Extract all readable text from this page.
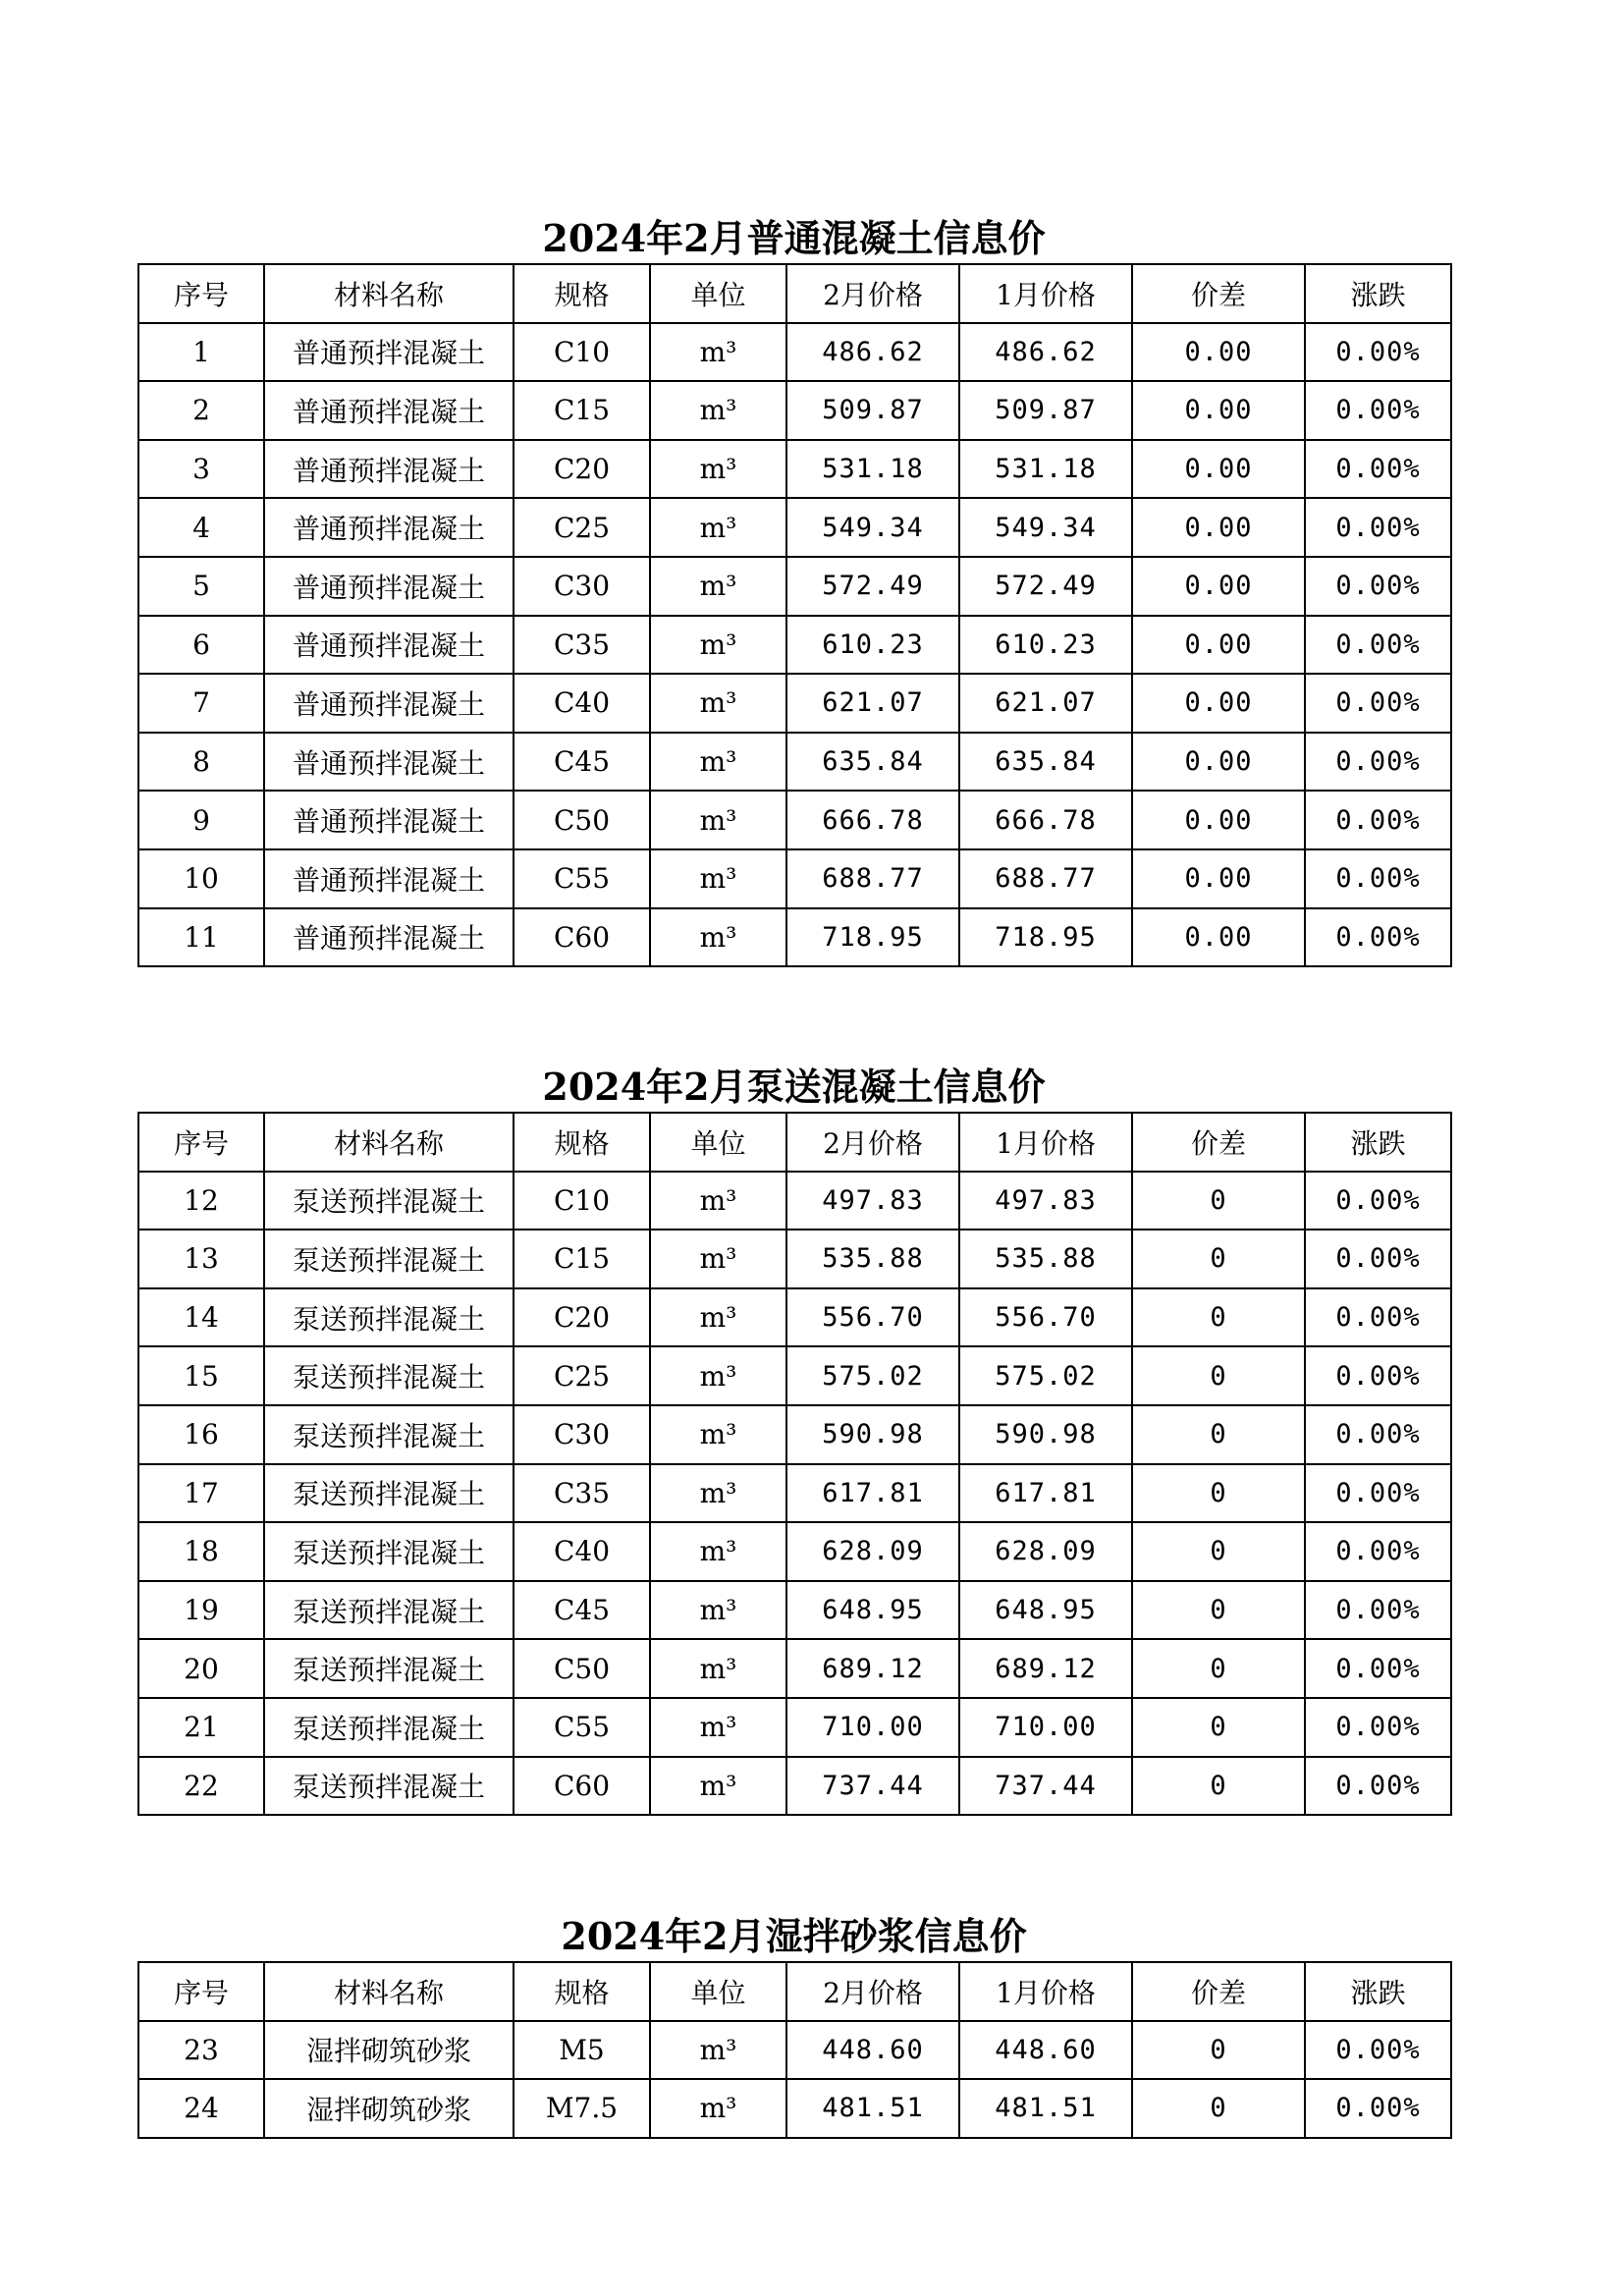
2024年2月普通混凝土信息价
序号	材料名称	规格	单位	2月价格	1月价格	价差	涨跌
1	普通预拌混凝土	C10	m³	486.62	486.62	0.00	0.00%
2	普通预拌混凝土	C15	m³	509.87	509.87	0.00	0.00%
3	普通预拌混凝土	C20	m³	531.18	531.18	0.00	0.00%
4	普通预拌混凝土	C25	m³	549.34	549.34	0.00	0.00%
5	普通预拌混凝土	C30	m³	572.49	572.49	0.00	0.00%
6	普通预拌混凝土	C35	m³	610.23	610.23	0.00	0.00%
7	普通预拌混凝土	C40	m³	621.07	621.07	0.00	0.00%
8	普通预拌混凝土	C45	m³	635.84	635.84	0.00	0.00%
9	普通预拌混凝土	C50	m³	666.78	666.78	0.00	0.00%
10	普通预拌混凝土	C55	m³	688.77	688.77	0.00	0.00%
11	普通预拌混凝土	C60	m³	718.95	718.95	0.00	0.00%
2024年2月泵送混凝土信息价
序号	材料名称	规格	单位	2月价格	1月价格	价差	涨跌
12	泵送预拌混凝土	C10	m³	497.83	497.83	0	0.00%
13	泵送预拌混凝土	C15	m³	535.88	535.88	0	0.00%
14	泵送预拌混凝土	C20	m³	556.70	556.70	0	0.00%
15	泵送预拌混凝土	C25	m³	575.02	575.02	0	0.00%
16	泵送预拌混凝土	C30	m³	590.98	590.98	0	0.00%
17	泵送预拌混凝土	C35	m³	617.81	617.81	0	0.00%
18	泵送预拌混凝土	C40	m³	628.09	628.09	0	0.00%
19	泵送预拌混凝土	C45	m³	648.95	648.95	0	0.00%
20	泵送预拌混凝土	C50	m³	689.12	689.12	0	0.00%
21	泵送预拌混凝土	C55	m³	710.00	710.00	0	0.00%
22	泵送预拌混凝土	C60	m³	737.44	737.44	0	0.00%
2024年2月湿拌砂浆信息价
序号	材料名称	规格	单位	2月价格	1月价格	价差	涨跌
23	湿拌砌筑砂浆	M5	m³	448.60	448.60	0	0.00%
24	湿拌砌筑砂浆	M7.5	m³	481.51	481.51	0	0.00%
